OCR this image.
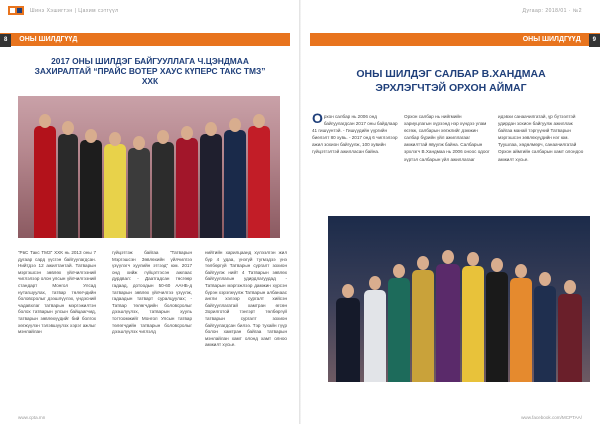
Шинэ Хэшигтэн | Цахим сэтгүүл
8 ОНЫ ШИЛДГҮҮД
2017 ОНЫ ШИЛДЭГ БАЙГУУЛЛАГА Ч.ЦЭНДМАА ЗАХИРАЛТАЙ “ПРАЙС ВОТЕР ХАУС КҮПЕРС ТАКС ТМЗ” ХХК

“РвС Такс ТМЗ” ХХК нь 2013 оны 7 дугаар сард үүсгэн байгуулагдсан. Нийтдээ 12 ажилтантай. Татварын мэргэшсэн зөвлөх үйлчилгээний чиглэлээр олон улсын үйлчилгээний стандарт Монгол Улсад нутагшуулах, татвар төлөгчдийн боловсролыг дээшлүүлэх, үндэсний чадавхлаг татварын мэргэжилтэн болох татварын улсын байцаагчид, татварын зөвлөхүүдийг бий болгох хөгжүүлэн тэлэвшүүлэх хэрэг ажлыг мэнлайлан

гүйцэтгэж байгаа “Татварын Мэргэшсэн Зөвлөхийн үйлчилгээ үзүүлэгч хуулийн этгээд” юм. 2017 онд хийж гүйцэтгэсэн ажлаас дурдвал: - Даатгадсан төсгөөр гадаад, дотоодын 50-60 ААНБ-д татварын зөвлөх үйлчилгээ үзүүлж, гадаадын татварт суралцуулах; - Татвар төлөгчдийн боловсролыг дээшлүүлэх, татварын хууль тогтоомжийг Монгол Улсын татвар төлөгчдийн татварын боловсролыг дээшлүүлэх чиглэлд

нийтийн харилцаанд хүлээлгэн жил бүр 4 удаа, үнэгүй тугмэдээ үнэ төлбөргүй Татварын сургалт зохион байгуулж нийт 4 Татварын зөвлөх байгууллагын удирдлагуудад - Татварын мэргэжлээр дамжин хүрсэн бүрэн хэрэгжүүлж Татварын албанаас англи хэлээр сургалт хийсэн байгууллагатай хамтран өгсөн Зорилготой тэнгэрт төлбөргүй татварын сургалт зохион байгуулагдсан билээ. Тэр тухайн гүүр болон хамтран байгаа татварын мэнлайлан хамт олонд хамт олноо амжилт хүсье.

www.cpta.mn
Дугаар: 2018/01 · №2
ОНЫ ШИЛДГҮҮД 9
ОНЫ ШИЛДЭГ САЛБАР В.ХАНДМАА ЭРХЛЭГЧТЭЙ ОРХОН АЙМАГ
О рхон салбар нь 2006 онд байгуулагдсан 2017 оны байдлаар 41 гишүүнтэй. - Гишүүдийн үүргийн биелэлт 80 хувь. - 2017 онд 6 чиглэлээр ажил зохион байгуулж, 100 хувийн гүйцэтгэлтэй ажилласан байна.

Орхон салбар нь нийгмийн хариуцлагын хүрээнд нэр хүндээ улам өсгөж, салбарын хөгжлийг дэмжин салбар бүрийн үйл ажиллагааг амжилттай явуулж байна. Салбарын эрхлэгч В.Хандмаа нь 2006 оноос одоог хүртэл салбарын үйл ажиллагааг

идэвхи санаачилгатай, үр бүтээлтэй удирдан зохион байгуулж ажиллаж байгаа манай тэргүүний Татварын мэргэшсэн зөвлөхүүдийн нэг юм. Туушлаа, хөдөлмөрч, санаачилгатай Орхон аймгийн салбарын хамт олондоо амжилт хүсье.

www.facebook.com/MCPTAA/
